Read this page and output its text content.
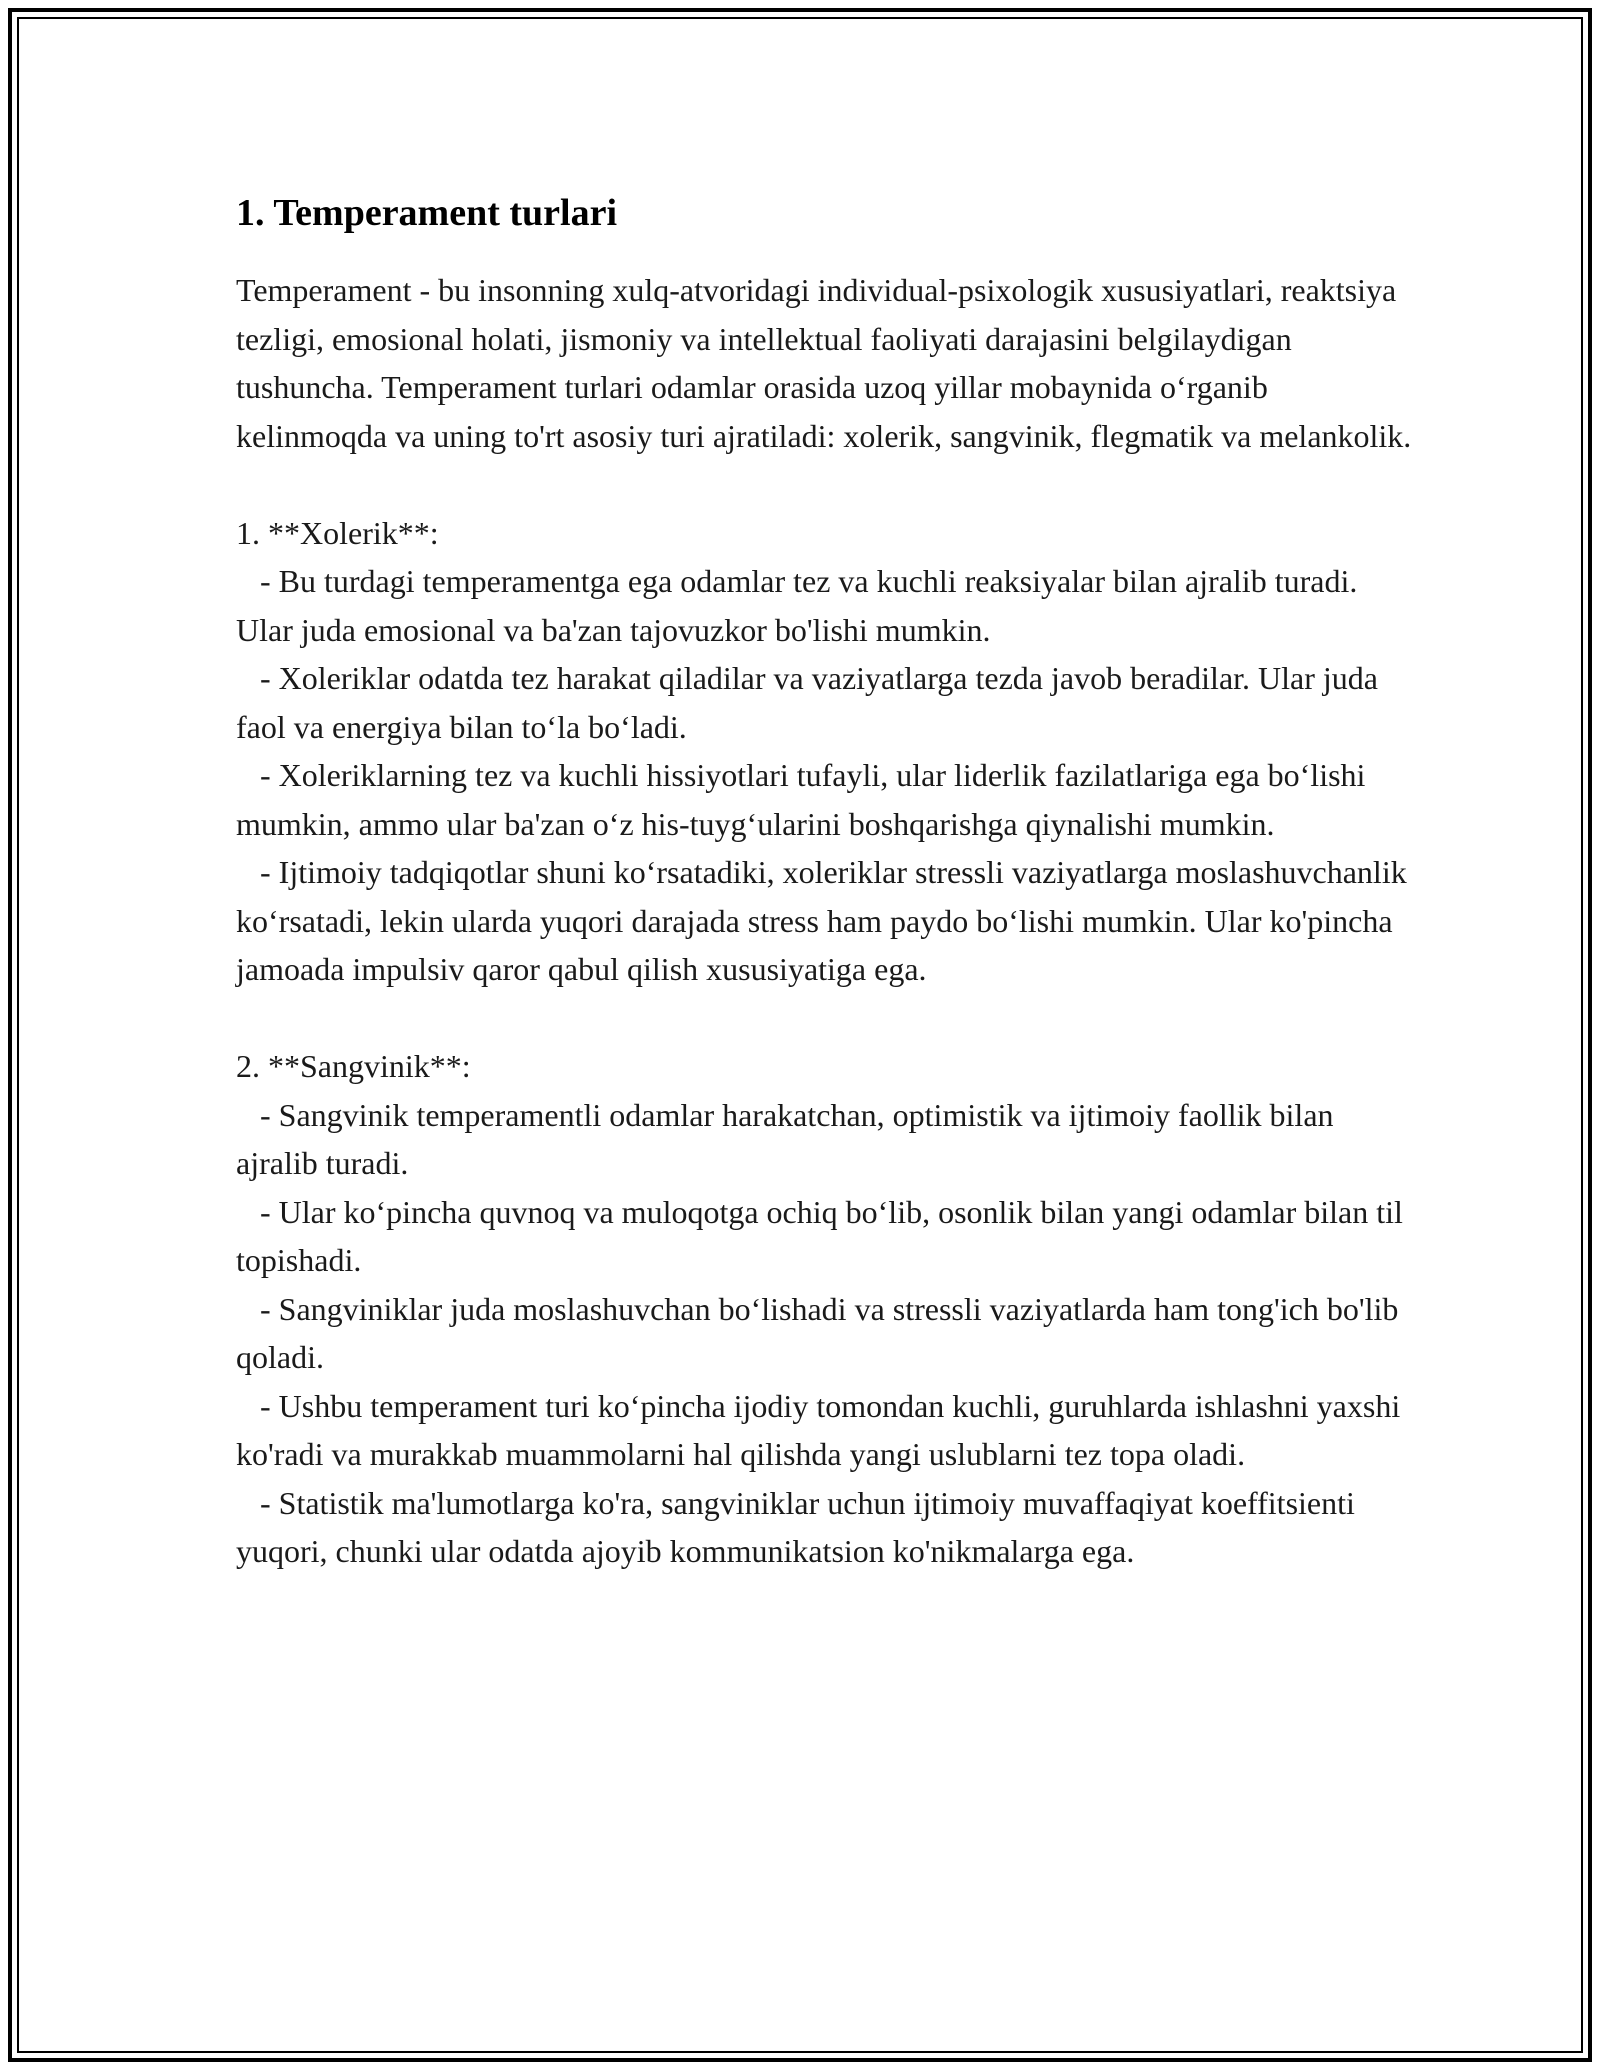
1. Temperament turlari

Temperament - bu insonning xulq-atvoridagi individual-psixologik xususiyatlari, reaktsiya tezligi, emosional holati, jismoniy va intellektual faoliyati darajasini belgilaydigan tushuncha. Temperament turlari odamlar orasida uzoq yillar mobaynida oʻrganib kelinmoqda va uning to'rt asosiy turi ajratiladi: xolerik, sangvinik, flegmatik va melankolik.

1. **Xolerik**:

- Bu turdagi temperamentga ega odamlar tez va kuchli reaksiyalar bilan ajralib turadi. Ular juda emosional va ba'zan tajovuzkor bo'lishi mumkin.

- Xoleriklar odatda tez harakat qiladilar va vaziyatlarga tezda javob beradilar. Ular juda faol va energiya bilan toʻla boʻladi.

- Xoleriklarning tez va kuchli hissiyotlari tufayli, ular liderlik fazilatlariga ega boʻlishi mumkin, ammo ular ba'zan oʻz his-tuygʻularini boshqarishga qiynalishi mumkin.

- Ijtimoiy tadqiqotlar shuni koʻrsatadiki, xoleriklar stressli vaziyatlarga moslashuvchanlik koʻrsatadi, lekin ularda yuqori darajada stress ham paydo boʻlishi mumkin. Ular ko'pincha jamoada impulsiv qaror qabul qilish xususiyatiga ega.

2. **Sangvinik**:

- Sangvinik temperamentli odamlar harakatchan, optimistik va ijtimoiy faollik bilan ajralib turadi.

- Ular koʻpincha quvnoq va muloqotga ochiq boʻlib, osonlik bilan yangi odamlar bilan til topishadi.

- Sangviniklar juda moslashuvchan boʻlishadi va stressli vaziyatlarda ham tong'ich bo'lib qoladi.

- Ushbu temperament turi koʻpincha ijodiy tomondan kuchli, guruhlarda ishlashni yaxshi ko'radi va murakkab muammolarni hal qilishda yangi uslublarni tez topa oladi.

- Statistik ma'lumotlarga ko'ra, sangviniklar uchun ijtimoiy muvaffaqiyat koeffitsienti yuqori, chunki ular odatda ajoyib kommunikatsion ko'nikmalarga ega.
